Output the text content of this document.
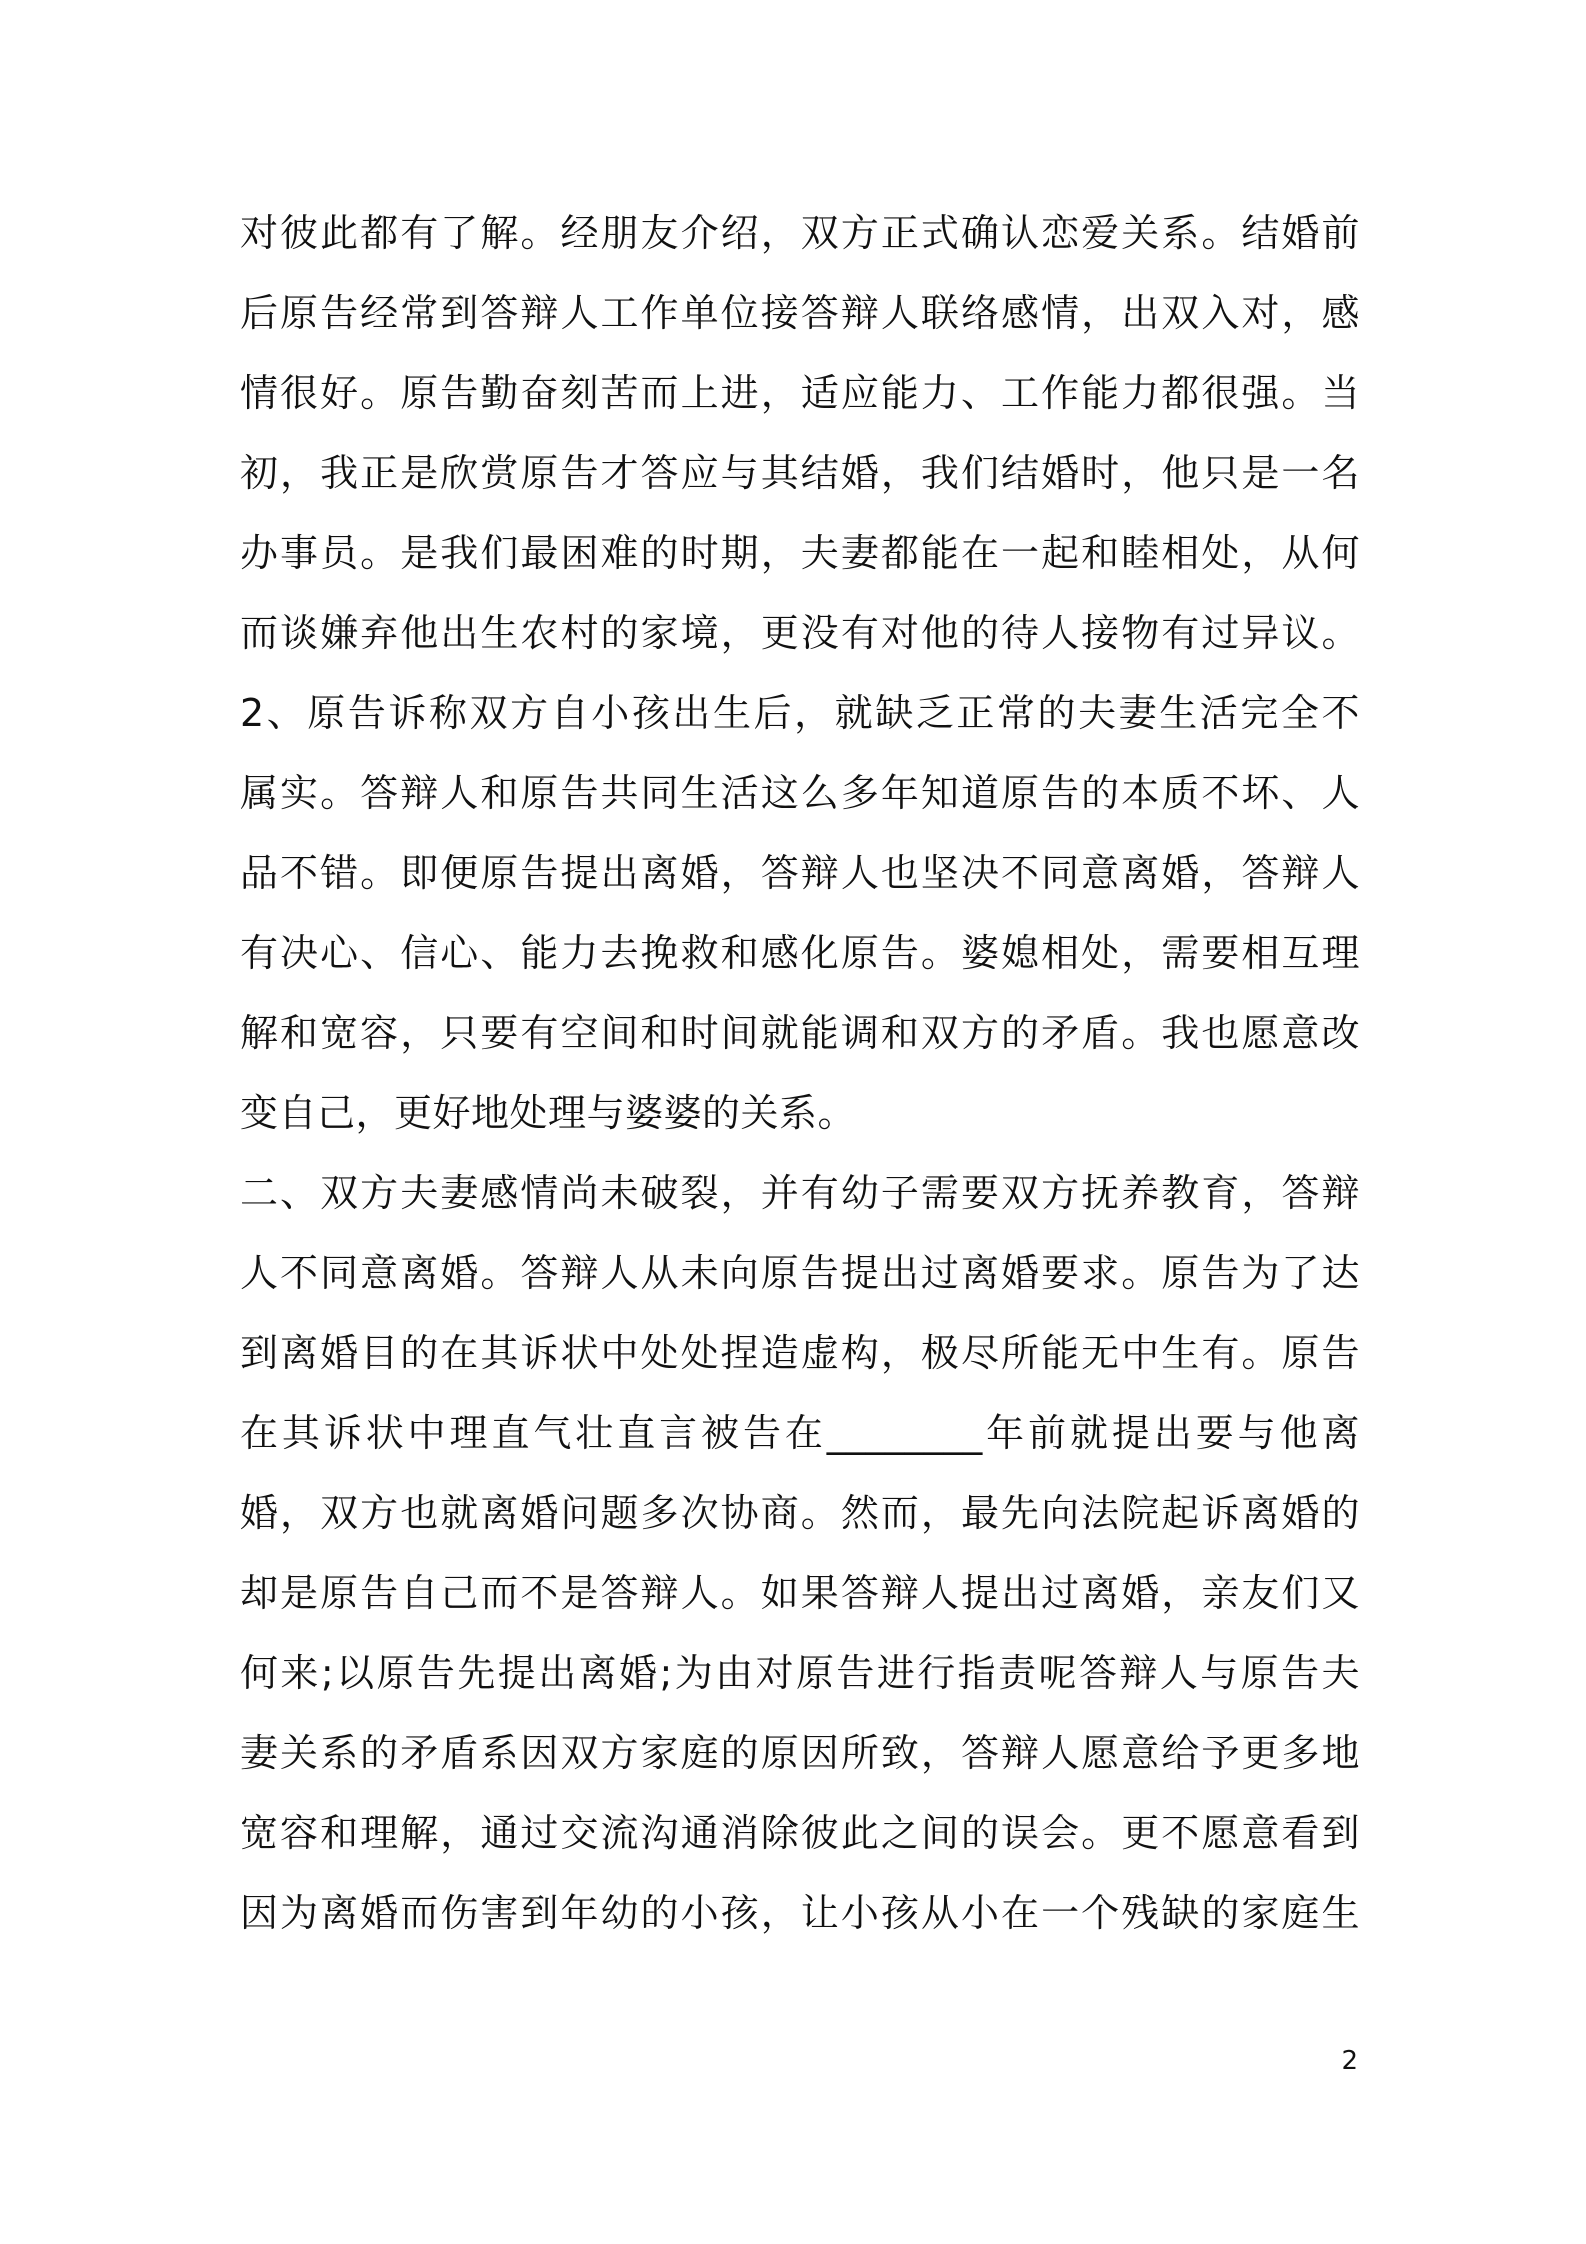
对彼此都有了解。经朋友介绍，双方正式确认恋爱关系。结婚前
后原告经常到答辩人工作单位接答辩人联络感情，出双入对，感
情很好。原告勤奋刻苦而上进，适应能力、工作能力都很强。当
初，我正是欣赏原告才答应与其结婚，我们结婚时，他只是一名
办事员。是我们最困难的时期，夫妻都能在一起和睦相处，从何
而谈嫌弃他出生农村的家境，更没有对他的待人接物有过异议。
2、原告诉称双方自小孩出生后，就缺乏正常的夫妻生活完全不
属实。答辩人和原告共同生活这么多年知道原告的本质不坏、人
品不错。即便原告提出离婚，答辩人也坚决不同意离婚，答辩人
有决心、信心、能力去挽救和感化原告。婆媳相处，需要相互理
解和宽容，只要有空间和时间就能调和双方的矛盾。我也愿意改
变自己，更好地处理与婆婆的关系。
二、双方夫妻感情尚未破裂，并有幼子需要双方抚养教育，答辩
人不同意离婚。答辩人从未向原告提出过离婚要求。原告为了达
到离婚目的在其诉状中处处捏造虚构，极尽所能无中生有。原告
在其诉状中理直气壮直言被告在________年前就提出要与他离
婚，双方也就离婚问题多次协商。然而，最先向法院起诉离婚的
却是原告自己而不是答辩人。如果答辩人提出过离婚，亲友们又
何来;以原告先提出离婚;为由对原告进行指责呢答辩人与原告夫
妻关系的矛盾系因双方家庭的原因所致，答辩人愿意给予更多地
宽容和理解，通过交流沟通消除彼此之间的误会。更不愿意看到
因为离婚而伤害到年幼的小孩，让小孩从小在一个残缺的家庭生
2
